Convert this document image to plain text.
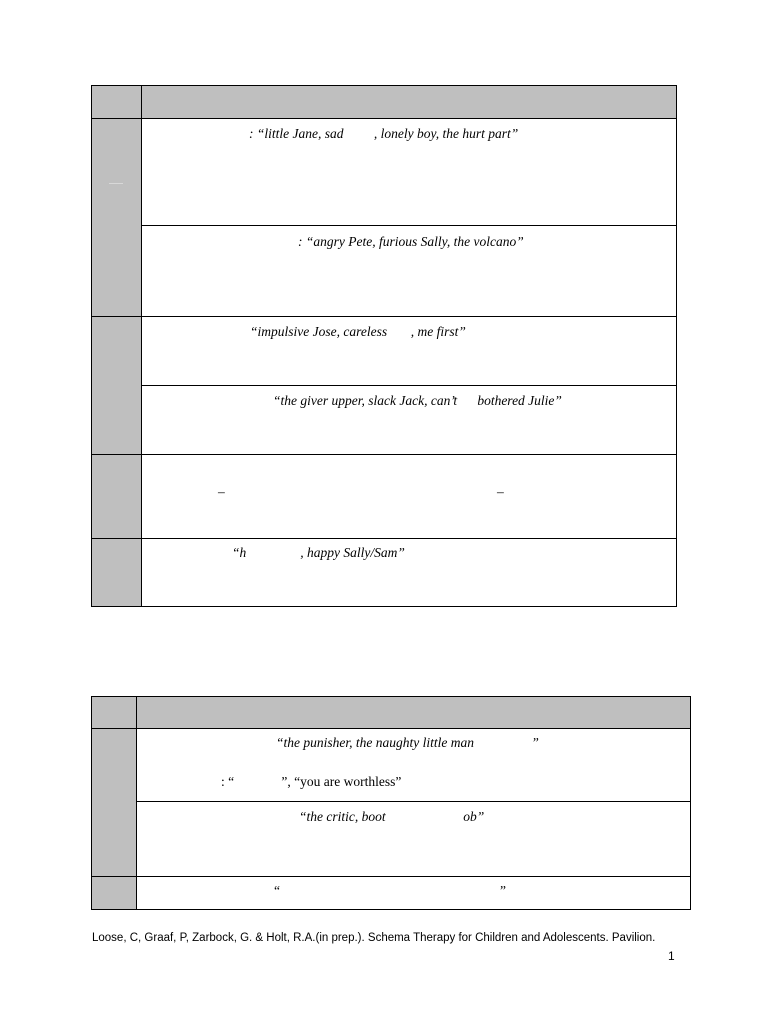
: “little Jane, sad         , lonely boy, the hurt part”
: “angry Pete, furious Sally, the volcano”
“impulsive Jose, careless       , me first”
“the giver upper, slack Jack, can’t      bothered Julie”
–	–
“h                , happy Sally/Sam”
“the punisher, the naughty little man                 ”
: “              ”, “you are worthless”
“the critic, boot                       ob”
“	”
Loose, C, Graaf, P, Zarbock, G. & Holt, R.A.(in prep.). Schema Therapy for Children and Adolescents. Pavilion.
1
